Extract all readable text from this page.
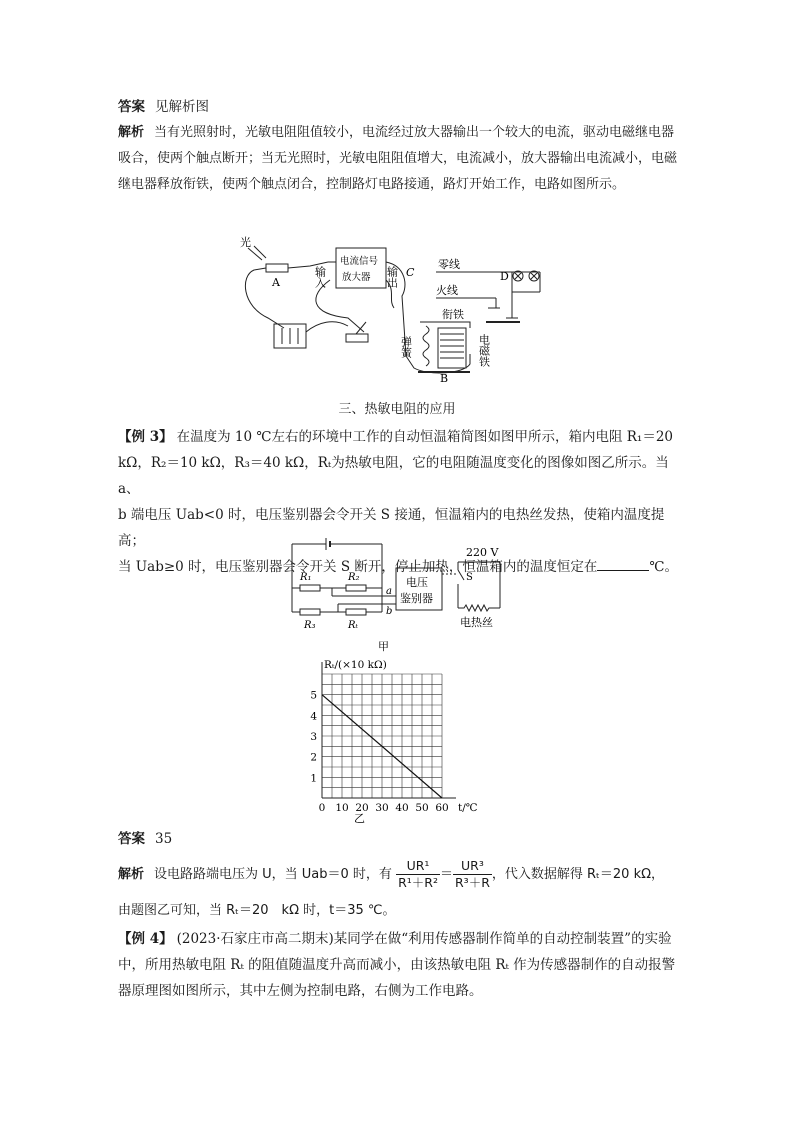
答案 见解析图
解析 当有光照射时，光敏电阻阻值较小，电流经过放大器输出一个较大的电流，驱动电磁继电器吸合，使两个触点断开；当无光照时，光敏电阻阻值增大，电流减小，放大器输出电流减小，电磁继电器释放衔铁，使两个触点闭合，控制路灯电路接通，路灯开始工作，电路如图所示。
光
A	输入
电流信号
放大器 输出 C
零线
火线
D
衔铁
弹簧	电磁铁
B
三、热敏电阻的应用
【例 3】 在温度为 10 ℃左右的环境中工作的自动恒温箱简图如图甲所示，箱内电阻 R₁＝20
kΩ，R₂＝10 kΩ，R₃＝40 kΩ，Rₜ为热敏电阻，它的电阻随温度变化的图像如图乙所示。当 a、
b 端电压 Uab<0 时，电压鉴别器会令开关 S 接通，恒温箱内的电热丝发热，使箱内温度提高；
当 Uab≥0 时，电压鉴别器会令开关 S 断开，停止加热，恒温箱内的温度恒定在	℃。
R₁	R₂
R₃	Rₜ
a
b
电压
鉴别器
220 V
S
电热丝
甲
0 10 20 30 40 50 60
1
2
3
4
5
Rₜ/(×10 kΩ)
t/℃
乙
答案 35
解析 设电路路端电压为 U，当 Uab＝0 时，有 $\frac{\text{UR¹}}{\text{R¹＋R²}} = \frac{\text{UR³}}{\text{R³＋R}}$ ，代入数据解得 Rₜ＝20 kΩ，
由题图乙可知，当 Rₜ＝20　kΩ 时，t＝35 ℃。
【例 4】 (2023·石家庄市高二期末)某同学在做“利用传感器制作简单的自动控制装置”的实验中，所用热敏电阻 Rₜ 的阻值随温度升高而减小，由该热敏电阻 Rₜ 作为传感器制作的自动报警器原理图如图所示，其中左侧为控制电路，右侧为工作电路。
